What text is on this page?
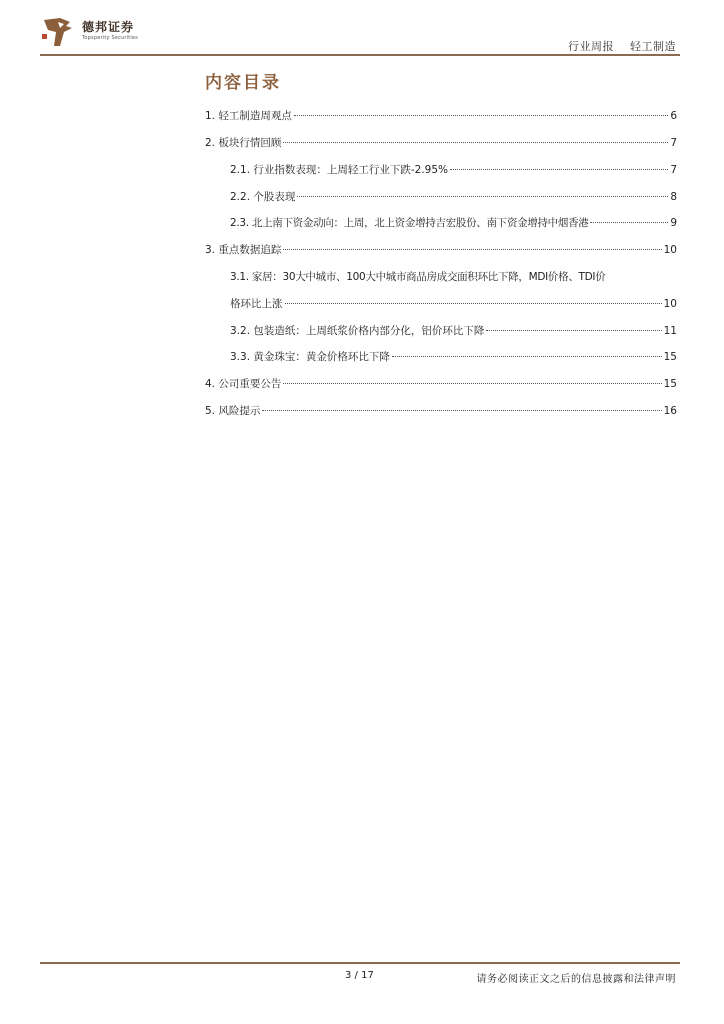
德邦证券
Topsperity Securities
行业周报 轻工制造
内容目录
1. 轻工制造周观点	6
2. 板块行情回顾	7
2.1. 行业指数表现：上周轻工行业下跌-2.95%	7
2.2. 个股表现	8
2.3. 北上南下资金动向：上周，北上资金增持吉宏股份、南下资金增持中烟香港	9
3. 重点数据追踪	10
3.1. 家居：30大中城市、100大中城市商品房成交面积环比下降，MDI价格、TDI价
格环比上涨	10
3.2. 包装造纸：上周纸浆价格内部分化，铝价环比下降	11
3.3. 黄金珠宝：黄金价格环比下降	15
4. 公司重要公告	15
5. 风险提示	16
3 / 17	请务必阅读正文之后的信息披露和法律声明
